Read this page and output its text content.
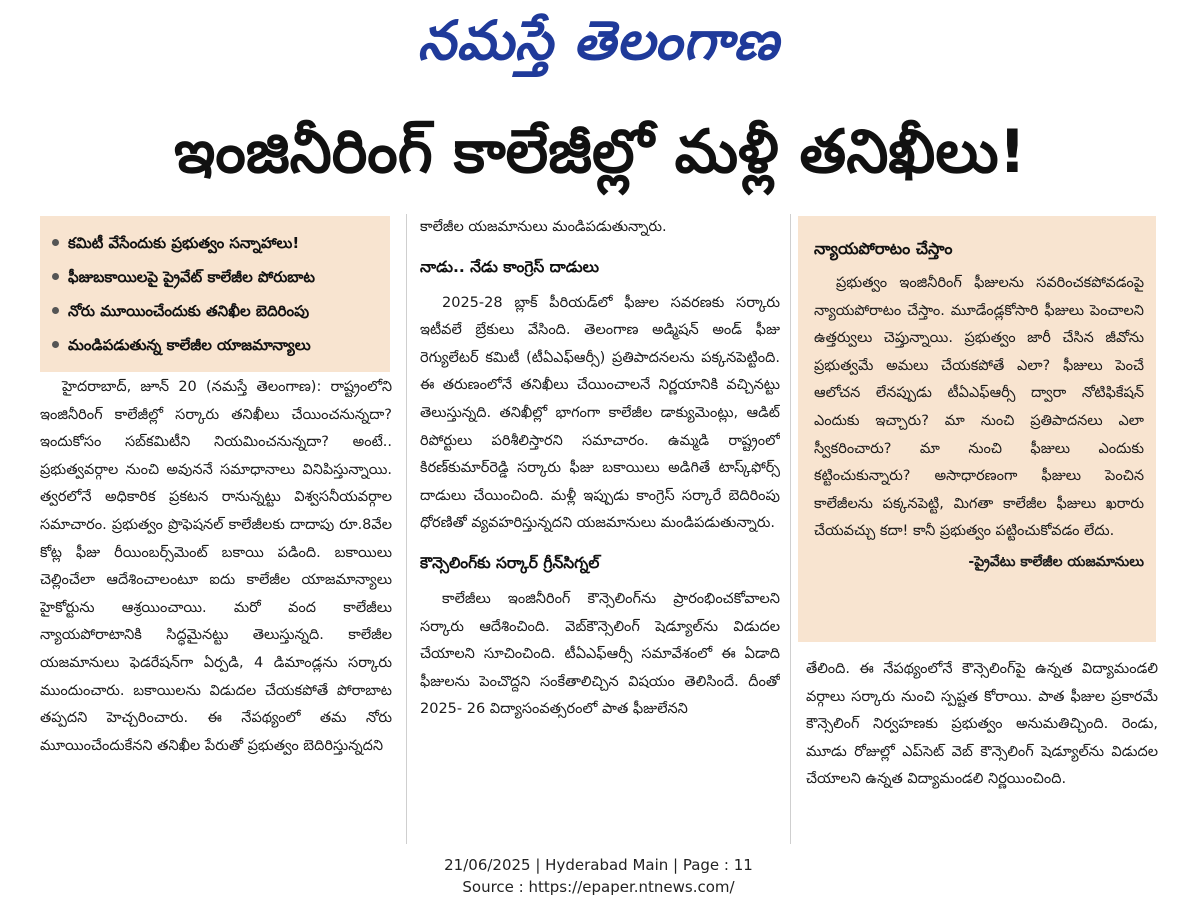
నమస్తే తెలంగాణ
ఇంజినీరింగ్ కాలేజీల్లో మళ్లీ తనిఖీలు!
కమిటీ వేసేందుకు ప్రభుత్వం సన్నాహాలు!
ఫీజుబకాయిలపై ప్రైవేట్ కాలేజీల పోరుబాట
నోరు మూయించేందుకు తనిఖీల బెదిరింపు
మండిపడుతున్న కాలేజీల యాజమాన్యాలు

హైదరాబాద్, జూన్ 20 (నమస్తే తెలంగాణ): రాష్ట్రంలోని ఇంజినీరింగ్ కాలేజీల్లో సర్కారు తనిఖీలు చేయించనున్నదా? ఇందుకోసం సబ్‌కమిటీని నియమించనున్నదా? అంటే.. ప్రభుత్వవర్గాల నుంచి అవుననే సమాధానాలు వినిపిస్తున్నాయి. త్వరలోనే అధికారిక ప్రకటన రానున్నట్టు విశ్వసనీయవర్గాల సమాచారం. ప్రభుత్వం ప్రొఫెషనల్ కాలేజీలకు దాదాపు రూ.8వేల కోట్ల ఫీజు రీయింబర్స్‌మెంట్ బకాయి పడింది. బకాయిలు చెల్లించేలా ఆదేశించాలంటూ ఐదు కాలేజీల యాజమాన్యాలు హైకోర్టును ఆశ్రయించాయి. మరో వంద కాలేజీలు న్యాయపోరాటానికి సిద్ధమైనట్టు తెలుస్తున్నది. కాలేజీల యజమానులు ఫెడరేషన్‌గా ఏర్పడి, 4 డిమాండ్లను సర్కారు ముందుంచారు. బకాయిలను విడుదల చేయకపోతే పోరాబాట తప్పదని హెచ్చరించారు. ఈ నేపథ్యంలో తమ నోరు మూయించేందుకేనని తనిఖీల పేరుతో ప్రభుత్వం బెదిరిస్తున్నదని

కాలేజీల యజమానులు మండిపడుతున్నారు.

నాడు.. నేడు కాంగ్రెస్ దాడులు

2025-28 బ్లాక్ పీరియడ్‌లో ఫీజుల సవరణకు సర్కారు ఇటీవలే బ్రేకులు వేసింది. తెలంగాణ అడ్మిషన్ అండ్ ఫీజు రెగ్యులేటర్ కమిటీ (టీఏఎఫ్ఆర్సీ) ప్రతిపాదనలను పక్కనపెట్టింది. ఈ తరుణంలోనే తనిఖీలు చేయించాలనే నిర్ణయానికి వచ్చినట్టు తెలుస్తున్నది. తనిఖీల్లో భాగంగా కాలేజీల డాక్యుమెంట్లు, ఆడిట్ రిపోర్టులు పరిశీలిస్తారని సమాచారం. ఉమ్మడి రాష్ట్రంలో కిరణ్‌కుమార్‌రెడ్డి సర్కారు ఫీజు బకాయిలు అడిగితే టాస్క్‌ఫోర్స్ దాడులు చేయించింది. మళ్లీ ఇప్పుడు కాంగ్రెస్ సర్కారే బెదిరింపు ధోరణితో వ్యవహరిస్తున్నదని యజమానులు మండిపడుతున్నారు.

కౌన్సెలింగ్‌కు సర్కార్ గ్రీన్‌సిగ్నల్

కాలేజీలు ఇంజినీరింగ్ కౌన్సెలింగ్‌ను ప్రారంభించకోవాలని సర్కారు ఆదేశించింది. వెబ్‌కౌన్సెలింగ్ షెడ్యూల్‌ను విడుదల చేయాలని సూచించింది. టీఏఎఫ్ఆర్సీ సమావేశంలో ఈ ఏడాది ఫీజులను పెంచొద్దని సంకేతాలిచ్చిన విషయం తెలిసిందే. దీంతో 2025- 26 విద్యాసంవత్సరంలో పాత ఫీజులేనని

న్యాయపోరాటం చేస్తాం

ప్రభుత్వం ఇంజినీరింగ్ ఫీజులను సవరించకపోవడంపై న్యాయపోరాటం చేస్తాం. మూడేండ్లకోసారి ఫీజులు పెంచాలని ఉత్తర్వులు చెప్తున్నాయి. ప్రభుత్వం జారీ చేసిన జీవోను ప్రభుత్వమే అమలు చేయకపోతే ఎలా? ఫీజులు పెంచే ఆలోచన లేనప్పుడు టీఏఎఫ్ఆర్సీ ద్వారా నోటిఫికేషన్ ఎందుకు ఇచ్చారు? మా నుంచి ప్రతిపాదనలు ఎలా స్వీకరించారు? మా నుంచి ఫీజులు ఎందుకు కట్టించుకున్నారు? అసాధారణంగా ఫీజులు పెంచిన కాలేజీలను పక్కనపెట్టి, మిగతా కాలేజీల ఫీజులు ఖరారు చేయవచ్చు కదా! కానీ ప్రభుత్వం పట్టించుకోవడం లేదు.

-ప్రైవేటు కాలేజీల యజమానులు

తేలింది. ఈ నేపథ్యంలోనే కౌన్సెలింగ్‌పై ఉన్నత విద్యామండలి వర్గాలు సర్కారు నుంచి స్పష్టత కోరాయి. పాత ఫీజుల ప్రకారమే కౌన్సెలింగ్ నిర్వహణకు ప్రభుత్వం అనుమతిచ్చింది. రెండు, మూడు రోజుల్లో ఎప్‌సెట్ వెబ్ కౌన్సెలింగ్ షెడ్యూల్‌ను విడుదల చేయాలని ఉన్నత విద్యామండలి నిర్ణయించింది.

21/06/2025 | Hyderabad Main | Page : 11
Source : https://epaper.ntnews.com/
